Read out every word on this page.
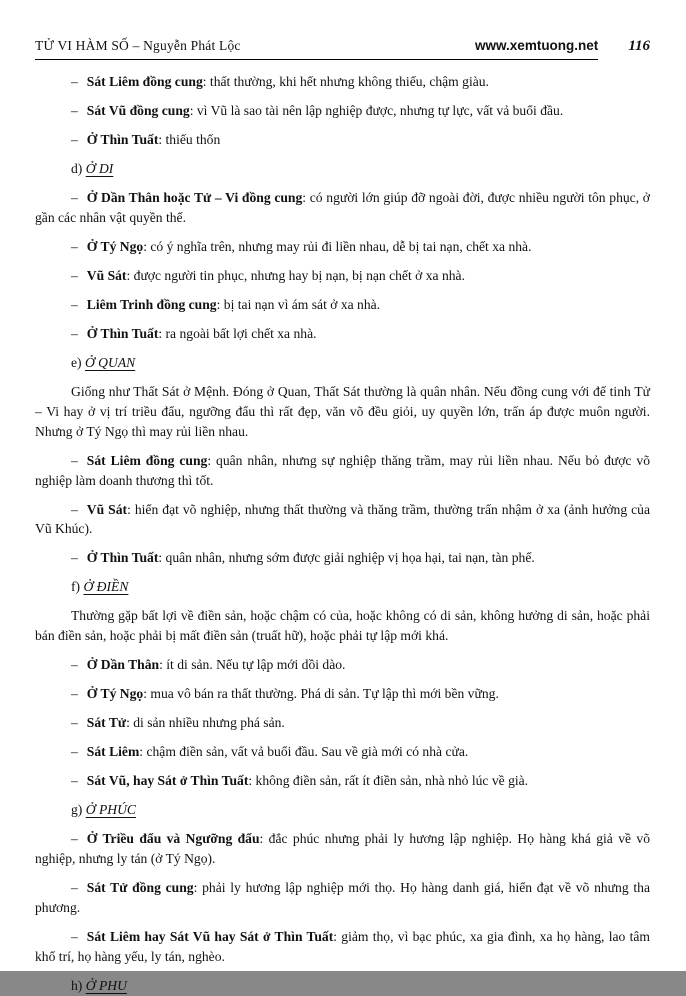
TỬ VI HÀM SỐ – Nguyễn Phát Lộc	www.xemtuong.net 116

– Sát Liêm đồng cung: thất thường, khi hết nhưng không thiếu, chậm giàu.

– Sát Vũ đồng cung: vì Vũ là sao tài nên lập nghiệp được, nhưng tự lực, vất vả buổi đầu.

– Ở Thìn Tuất: thiếu thốn

d) Ở DI

– Ở Dần Thân hoặc Tử – Vi đồng cung: có người lớn giúp đỡ ngoài đời, được nhiều người tôn phục, ở gần các nhân vật quyền thế.

– Ở Tý Ngọ: có ý nghĩa trên, nhưng may rủi đi liền nhau, dễ bị tai nạn, chết xa nhà.

– Vũ Sát: được người tin phục, nhưng hay bị nạn, bị nạn chết ở xa nhà.

– Liêm Trinh đồng cung: bị tai nạn vì ám sát ở xa nhà.

– Ở Thìn Tuất: ra ngoài bất lợi chết xa nhà.

e) Ở QUAN

Giống như Thất Sát ở Mệnh. Đóng ở Quan, Thất Sát thường là quân nhân. Nếu đồng cung với đế tinh Tử – Vi hay ở vị trí triều đẩu, ngưỡng đẩu thì rất đẹp, văn võ đều giỏi, uy quyền lớn, trấn áp được muôn người. Nhưng ở Tý Ngọ thì may rủi liền nhau.

– Sát Liêm đồng cung: quân nhân, nhưng sự nghiệp thăng trầm, may rủi liền nhau. Nếu bỏ được võ nghiệp làm doanh thương thì tốt.

– Vũ Sát: hiển đạt võ nghiệp, nhưng thất thường và thăng trầm, thường trấn nhậm ở xa (ảnh hưởng của Vũ Khúc).

– Ở Thìn Tuất: quân nhân, nhưng sớm được giải nghiệp vị họa hại, tai nạn, tàn phế.

f) Ở ĐIỀN

Thường gặp bất lợi về điền sản, hoặc chậm có của, hoặc không có di sản, không hưởng di sản, hoặc phải bán điền sản, hoặc phải bị mất điền sản (truất hữ), hoặc phải tự lập mới khá.

– Ở Dần Thân: ít di sản. Nếu tự lập mới dồi dào.

– Ở Tý Ngọ: mua vô bán ra thất thường. Phá di sản. Tự lập thì mới bền vững.

– Sát Tử: di sản nhiều nhưng phá sản.

– Sát Liêm: chậm điền sản, vất vả buổi đầu. Sau về già mới có nhà cửa.

– Sát Vũ, hay Sát ở Thìn Tuất: không điền sản, rất ít điền sản, nhà nhỏ lúc về già.

g) Ở PHÚC

– Ở Triều đẩu và Ngưỡng đẩu: đắc phúc nhưng phải ly hương lập nghiệp. Họ hàng khá giả về võ nghiệp, nhưng ly tán (ở Tý Ngọ).

– Sát Tử đồng cung: phải ly hương lập nghiệp mới thọ. Họ hàng danh giá, hiển đạt về võ nhưng tha phương.

– Sát Liêm hay Sát Vũ hay Sát ở Thìn Tuất: giảm thọ, vì bạc phúc, xa gia đình, xa họ hàng, lao tâm khổ trí, họ hàng yếu, ly tán, nghèo.

h) Ở PHU
